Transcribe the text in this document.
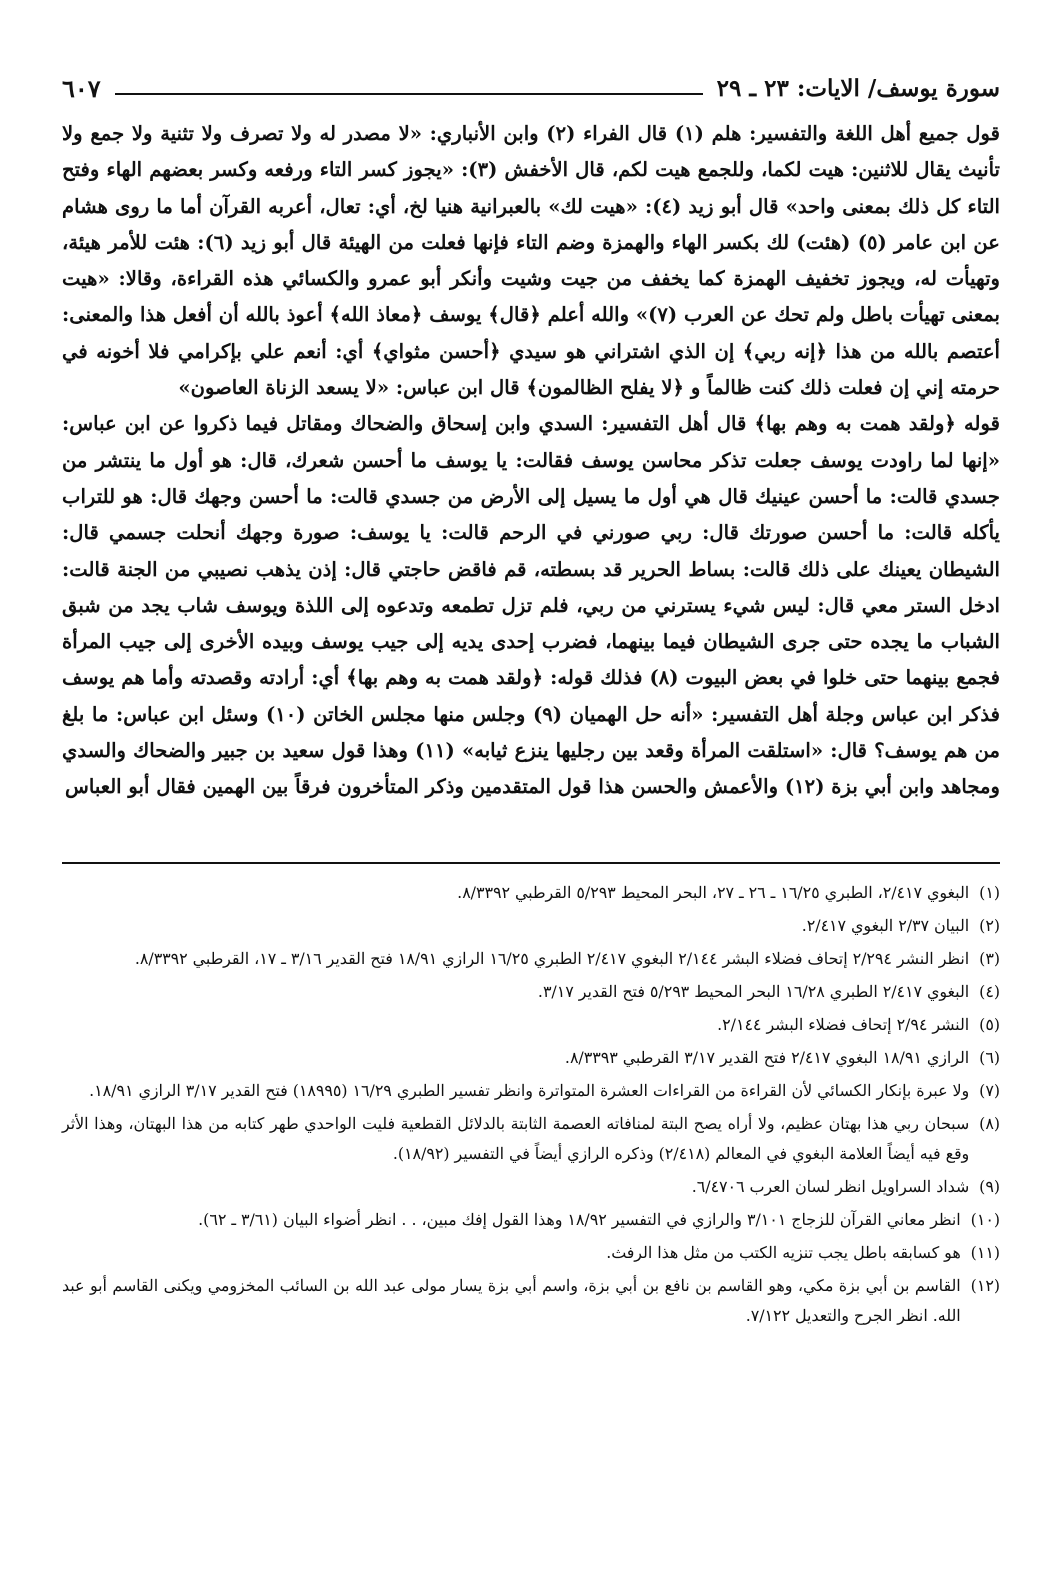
سورة يوسف/ الايات: ٢٣ ـ ٢٩
٦٠٧

قول جميع أهل اللغة والتفسير: هلم (١) قال الفراء (٢) وابن الأنباري: «لا مصدر له ولا تصرف ولا تثنية ولا جمع ولا تأنيث يقال للاثنين: هيت لكما، وللجمع هيت لكم، قال الأخفش (٣): «يجوز كسر التاء ورفعه وكسر بعضهم الهاء وفتح التاء كل ذلك بمعنى واحد» قال أبو زيد (٤): «هيت لك» بالعبرانية هنيا لخ، أي: تعال، أعربه القرآن أما ما روى هشام عن ابن عامر (٥) (هئت) لك بكسر الهاء والهمزة وضم التاء فإنها فعلت من الهيئة قال أبو زيد (٦): هئت للأمر هيئة، وتهيأت له، ويجوز تخفيف الهمزة كما يخفف من جيت وشيت وأنكر أبو عمرو والكسائي هذه القراءة، وقالا: «هيت بمعنى تهيأت باطل ولم تحك عن العرب (٧)» والله أعلم ﴿قال﴾ يوسف ﴿معاذ الله﴾ أعوذ بالله أن أفعل هذا والمعنى: أعتصم بالله من هذا ﴿إنه ربي﴾ إن الذي اشتراني هو سيدي ﴿أحسن مثواي﴾ أي: أنعم علي بإكرامي فلا أخونه في حرمته إني إن فعلت ذلك كنت ظالماً و ﴿لا يفلح الظالمون﴾ قال ابن عباس: «لا يسعد الزناة العاصون»

قوله ﴿ولقد همت به وهم بها﴾ قال أهل التفسير: السدي وابن إسحاق والضحاك ومقاتل فيما ذكروا عن ابن عباس: «إنها لما راودت يوسف جعلت تذكر محاسن يوسف فقالت: يا يوسف ما أحسن شعرك، قال: هو أول ما ينتشر من جسدي قالت: ما أحسن عينيك قال هي أول ما يسيل إلى الأرض من جسدي قالت: ما أحسن وجهك قال: هو للتراب يأكله قالت: ما أحسن صورتك قال: ربي صورني في الرحم قالت: يا يوسف: صورة وجهك أنحلت جسمي قال: الشيطان يعينك على ذلك قالت: بساط الحرير قد بسطته، قم فاقض حاجتي قال: إذن يذهب نصيبي من الجنة قالت: ادخل الستر معي قال: ليس شيء يسترني من ربي، فلم تزل تطمعه وتدعوه إلى اللذة ويوسف شاب يجد من شبق الشباب ما يجده حتى جرى الشيطان فيما بينهما، فضرب إحدى يديه إلى جيب يوسف وبيده الأخرى إلى جيب المرأة فجمع بينهما حتى خلوا في بعض البيوت (٨) فذلك قوله: ﴿ولقد همت به وهم بها﴾ أي: أرادته وقصدته وأما هم يوسف فذكر ابن عباس وجلة أهل التفسير: «أنه حل الهميان (٩) وجلس منها مجلس الخاتن (١٠) وسئل ابن عباس: ما بلغ من هم يوسف؟ قال: «استلقت المرأة وقعد بين رجليها ينزع ثيابه» (١١) وهذا قول سعيد بن جبير والضحاك والسدي ومجاهد وابن أبي بزة (١٢) والأعمش والحسن هذا قول المتقدمين وذكر المتأخرون فرقاً بين الهمين فقال أبو العباس

(١)
البغوي ٢/٤١٧، الطبري ١٦/٢٥ ـ ٢٦ ـ ٢٧، البحر المحيط ٥/٢٩٣ القرطبي ٨/٣٣٩٢.
(٢)
البيان ٢/٣٧ البغوي ٢/٤١٧.
(٣)
انظر النشر ٢/٢٩٤ إتحاف فضلاء البشر ٢/١٤٤ البغوي ٢/٤١٧ الطبري ١٦/٢٥ الرازي ١٨/٩١ فتح القدير ٣/١٦ ـ ١٧، القرطبي ٨/٣٣٩٢.
(٤)
البغوي ٢/٤١٧ الطبري ١٦/٢٨ البحر المحيط ٥/٢٩٣ فتح القدير ٣/١٧.
(٥)
النشر ٢/٩٤ إتحاف فضلاء البشر ٢/١٤٤.
(٦)
الرازي ١٨/٩١ البغوي ٢/٤١٧ فتح القدير ٣/١٧ القرطبي ٨/٣٣٩٣.
(٧)
ولا عبرة بإنكار الكسائي لأن القراءة من القراءات العشرة المتواترة وانظر تفسير الطبري ١٦/٢٩ (١٨٩٩٥) فتح القدير ٣/١٧ الرازي ١٨/٩١.
(٨)
سبحان ربي هذا بهتان عظيم، ولا أراه يصح البتة لمنافاته العصمة الثابتة بالدلائل القطعية فليت الواحدي طهر كتابه من هذا البهتان، وهذا الأثر وقع فيه أيضاً العلامة البغوي في المعالم (٢/٤١٨) وذكره الرازي أيضاً في التفسير (١٨/٩٢).
(٩)
شداد السراويل انظر لسان العرب ٦/٤٧٠٦.
(١٠)
انظر معاني القرآن للزجاج ٣/١٠١ والرازي في التفسير ١٨/٩٢ وهذا القول إفك مبين، . . انظر أضواء البيان (٣/٦١ ـ ٦٢).
(١١)
هو كسابقه باطل يجب تنزيه الكتب من مثل هذا الرفث.
(١٢)
القاسم بن أبي بزة مكي، وهو القاسم بن نافع بن أبي بزة، واسم أبي بزة يسار مولى عبد الله بن السائب المخزومي ويكنى القاسم أبو عبد الله. انظر الجرح والتعديل ٧/١٢٢.
